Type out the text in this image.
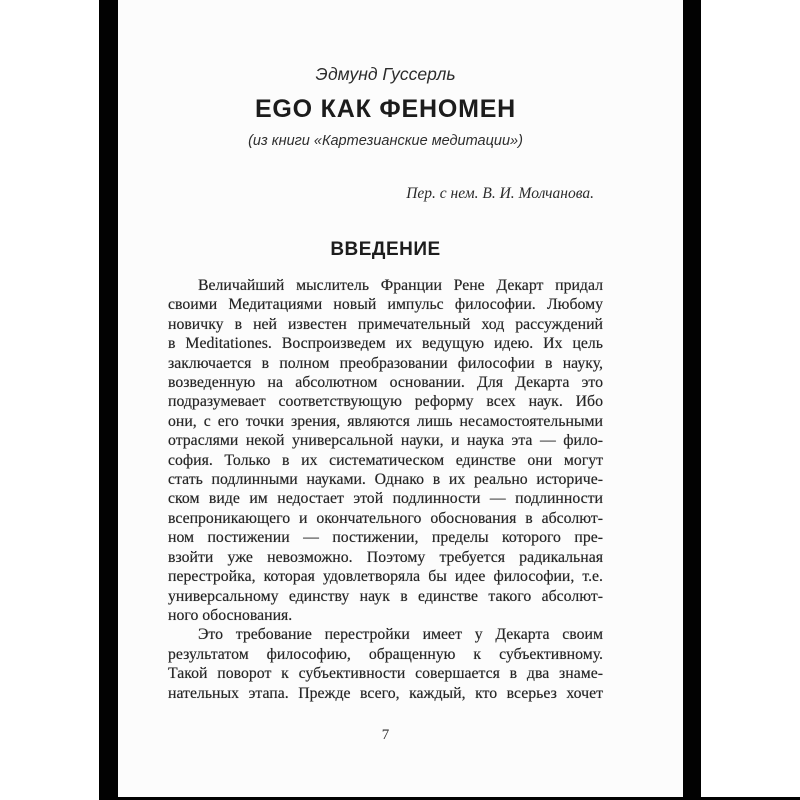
Эдмунд Гуссерль
EGO КАК ФЕНОМЕН
(из книги «Картезианские медитации»)
Пер. с нем. В. И. Молчанова.
ВВЕДЕНИЕ
Величайший мыслитель Франции Рене Декарт придал
своими Медитациями новый импульс философии. Любому
новичку в ней известен примечательный ход рассуждений
в Meditationes. Воспроизведем их ведущую идею. Их цель
заключается в полном преобразовании философии в науку,
возведенную на абсолютном основании. Для Декарта это
подразумевает соответствующую реформу всех наук. Ибо
они, с его точки зрения, являются лишь несамостоятельными
отраслями некой универсальной науки, и наука эта — фило-
софия. Только в их систематическом единстве они могут
стать подлинными науками. Однако в их реально историче-
ском виде им недостает этой подлинности — подлинности
всепроникающего и окончательного обоснования в абсолют-
ном постижении — постижении, пределы которого пре-
взойти уже невозможно. Поэтому требуется радикальная
перестройка, которая удовлетворяла бы идее философии, т.е.
универсальному единству наук в единстве такого абсолют-
ного обоснования.
Это требование перестройки имеет у Декарта своим
результатом философию, обращенную к субъективному.
Такой поворот к субъективности совершается в два знаме-
нательных этапа. Прежде всего, каждый, кто всерьез хочет
7
